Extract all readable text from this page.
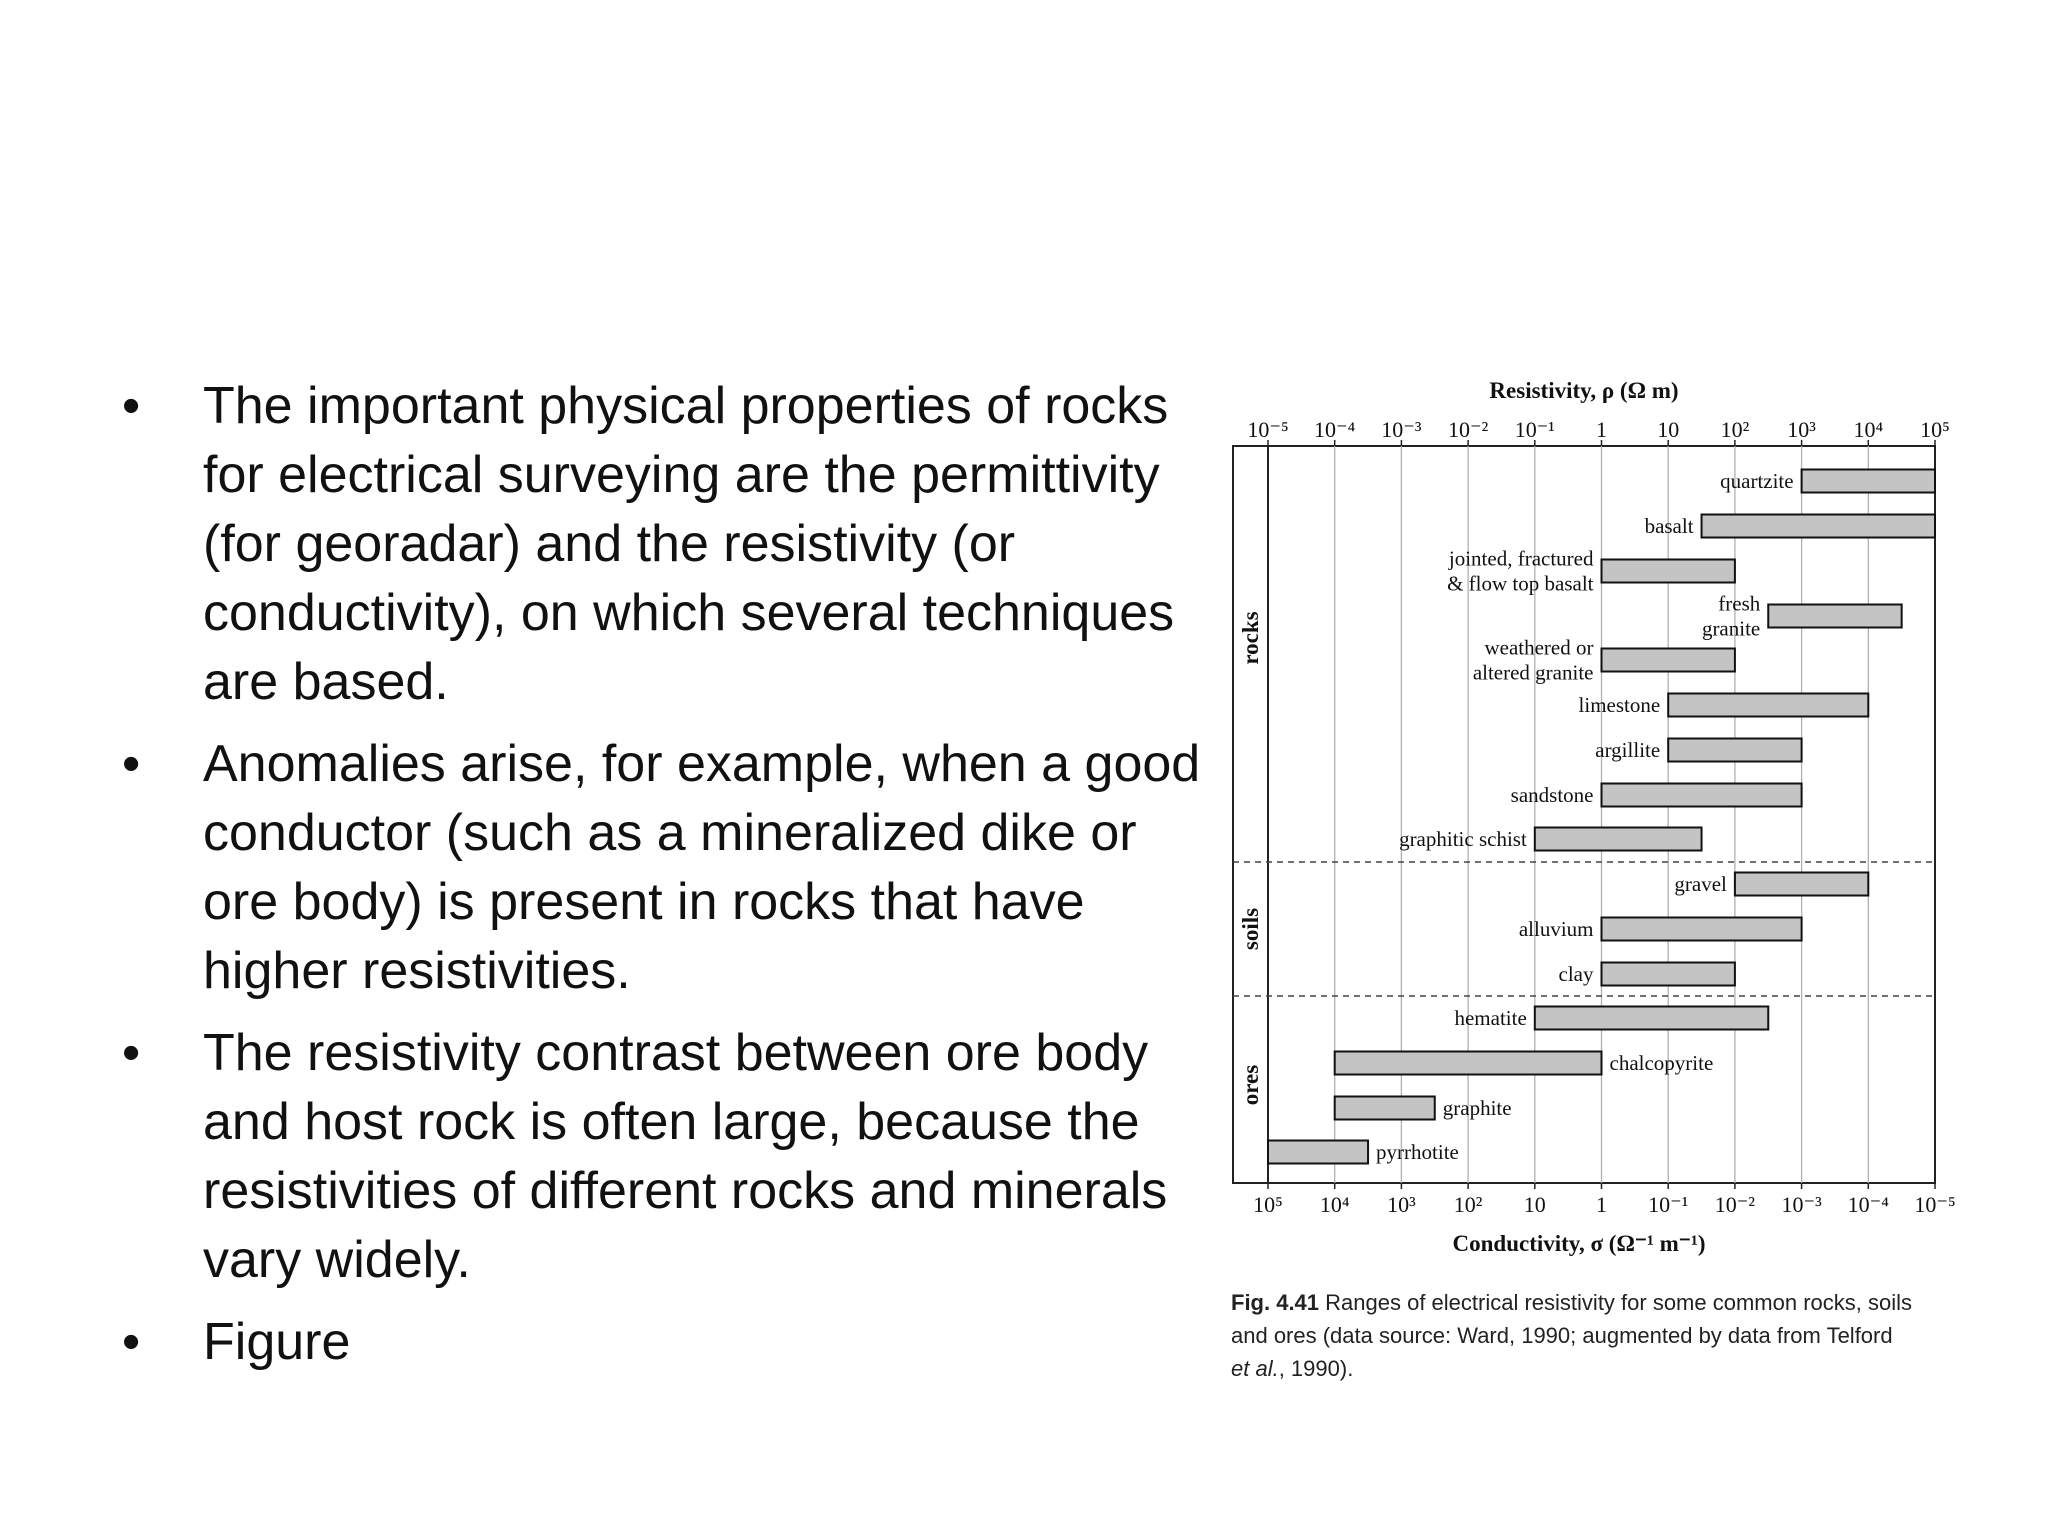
• The important physical properties of rocks
for electrical surveying are the permittivity
(for georadar) and the resistivity (or
conductivity), on which several techniques
are based.
• Anomalies arise, for example, when a good
conductor (such as a mineralized dike or
ore body) is present in rocks that have
higher resistivities.
• The resistivity contrast between ore body
and host rock is often large, because the
resistivities of different rocks and minerals
vary widely.
• Figure
Resistivity, ρ (Ω m)
10⁻⁵
10⁵
10⁻⁴
10⁴
10⁻³
10³
10⁻²
10²
10⁻¹
10
1
1
10
10⁻¹
10²
10⁻²
10³
10⁻³
10⁴
10⁻⁴
10⁵
10⁻⁵
Conductivity, σ (Ω⁻¹ m⁻¹)
rocks
soils
ores
quartzite
basalt
jointed, fractured
& flow top basalt
fresh
granite
weathered or
altered granite
limestone
argillite
sandstone
graphitic schist
gravel
alluvium
clay
hematite
chalcopyrite
graphite
pyrrhotite
Fig. 4.41 Ranges of electrical resistivity for some common rocks, soils
and ores (data source: Ward, 1990; augmented by data from Telford
et al., 1990).
